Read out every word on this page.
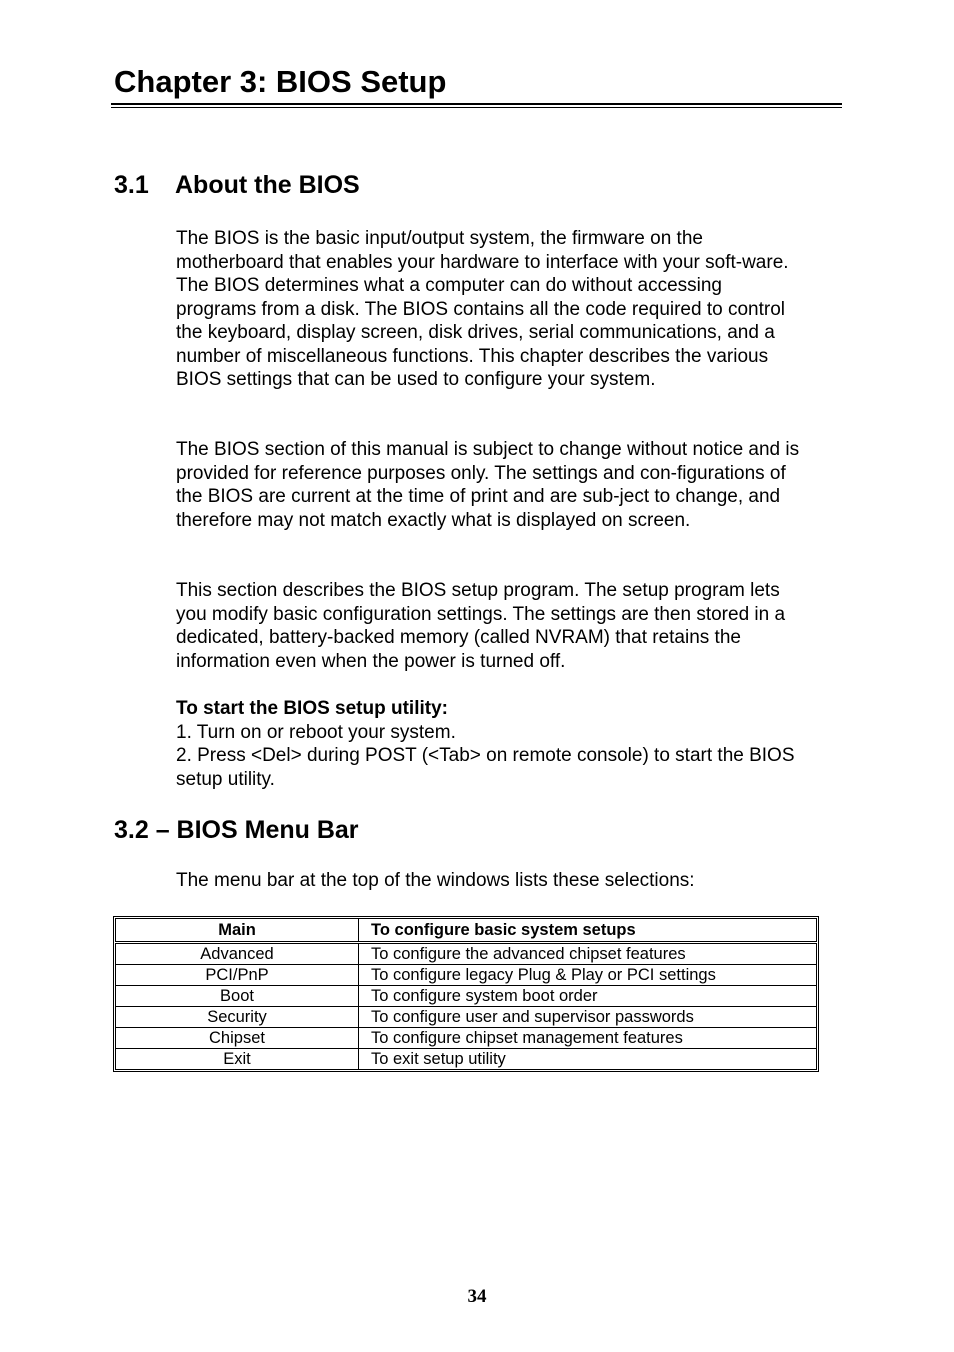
Chapter 3: BIOS Setup
3.1 About the BIOS

The BIOS is the basic input/output system, the firmware on the motherboard that enables your hardware to interface with your soft-ware. The BIOS determines what a computer can do without accessing programs from a disk. The BIOS contains all the code required to control the keyboard, display screen, disk drives, serial communications, and a number of miscellaneous functions. This chapter describes the various BIOS settings that can be used to configure your system.

The BIOS section of this manual is subject to change without notice and is provided for reference purposes only. The settings and con-figurations of the BIOS are current at the time of print and are sub-ject to change, and therefore may not match exactly what is displayed on screen.

This section describes the BIOS setup program. The setup program lets you modify basic configuration settings. The settings are then stored in a dedicated, battery-backed memory (called NVRAM) that retains the information even when the power is turned off.

To start the BIOS setup utility:

1. Turn on or reboot your system.

2. Press <Del> during POST (<Tab> on remote console) to start the BIOS setup utility.

3.2 – BIOS Menu Bar

The menu bar at the top of the windows lists these selections:

Main	To configure basic system setups
Advanced	To configure the advanced chipset features
PCI/PnP	To configure legacy Plug & Play or PCI settings
Boot	To configure system boot order
Security	To configure user and supervisor passwords
Chipset	To configure chipset management features
Exit	To exit setup utility
34
